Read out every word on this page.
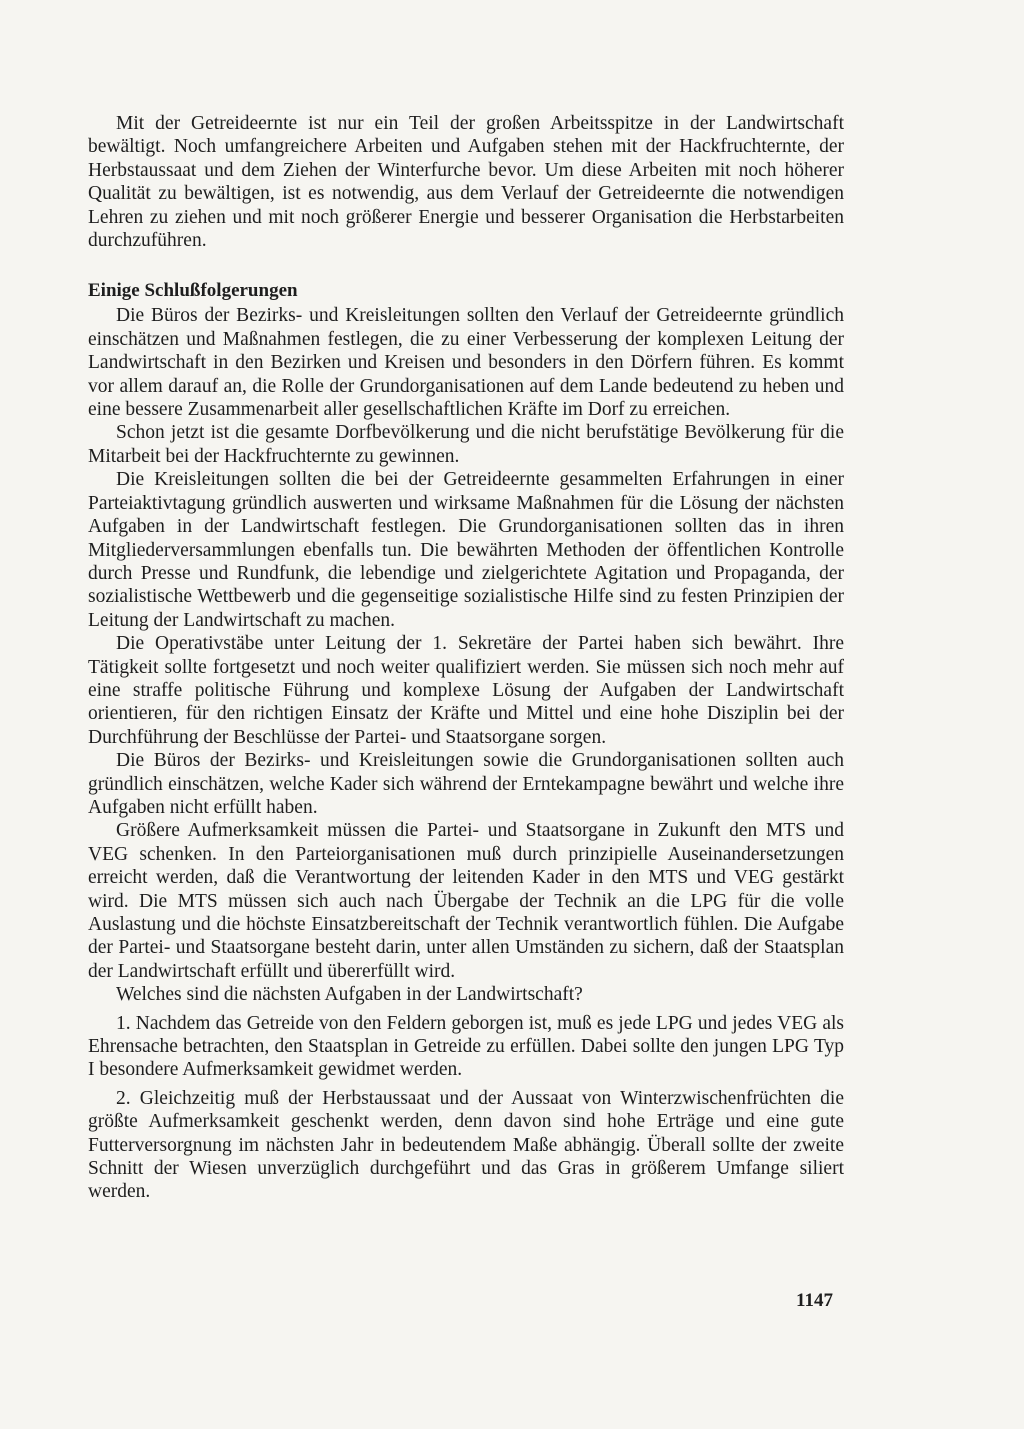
Mit der Getreideernte ist nur ein Teil der großen Arbeitsspitze in der Landwirtschaft bewältigt. Noch umfangreichere Arbeiten und Aufgaben stehen mit der Hackfruchternte, der Herbstaussaat und dem Ziehen der Winterfurche bevor. Um diese Arbeiten mit noch höherer Qualität zu bewältigen, ist es notwendig, aus dem Verlauf der Getreideernte die notwendigen Lehren zu ziehen und mit noch größerer Energie und besserer Organisation die Herbstarbeiten durchzuführen.

Einige Schlußfolgerungen

Die Büros der Bezirks- und Kreisleitungen sollten den Verlauf der Getreideernte gründlich einschätzen und Maßnahmen festlegen, die zu einer Verbesserung der komplexen Leitung der Landwirtschaft in den Bezirken und Kreisen und besonders in den Dörfern führen. Es kommt vor allem darauf an, die Rolle der Grundorganisationen auf dem Lande bedeutend zu heben und eine bessere Zusammenarbeit aller gesellschaftlichen Kräfte im Dorf zu erreichen.

Schon jetzt ist die gesamte Dorfbevölkerung und die nicht berufstätige Bevölkerung für die Mitarbeit bei der Hackfruchternte zu gewinnen.

Die Kreisleitungen sollten die bei der Getreideernte gesammelten Erfahrungen in einer Parteiaktivtagung gründlich auswerten und wirksame Maßnahmen für die Lösung der nächsten Aufgaben in der Landwirtschaft festlegen. Die Grundorganisationen sollten das in ihren Mitgliederversammlungen ebenfalls tun. Die bewährten Methoden der öffentlichen Kontrolle durch Presse und Rundfunk, die lebendige und zielgerichtete Agitation und Propaganda, der sozialistische Wettbewerb und die gegenseitige sozialistische Hilfe sind zu festen Prinzipien der Leitung der Landwirtschaft zu machen.

Die Operativstäbe unter Leitung der 1. Sekretäre der Partei haben sich bewährt. Ihre Tätigkeit sollte fortgesetzt und noch weiter qualifiziert werden. Sie müssen sich noch mehr auf eine straffe politische Führung und komplexe Lösung der Aufgaben der Landwirtschaft orientieren, für den richtigen Einsatz der Kräfte und Mittel und eine hohe Disziplin bei der Durchführung der Beschlüsse der Partei- und Staatsorgane sorgen.

Die Büros der Bezirks- und Kreisleitungen sowie die Grundorganisationen sollten auch gründlich einschätzen, welche Kader sich während der Erntekampagne bewährt und welche ihre Aufgaben nicht erfüllt haben.

Größere Aufmerksamkeit müssen die Partei- und Staatsorgane in Zukunft den MTS und VEG schenken. In den Parteiorganisationen muß durch prinzipielle Auseinandersetzungen erreicht werden, daß die Verantwortung der leitenden Kader in den MTS und VEG gestärkt wird. Die MTS müssen sich auch nach Übergabe der Technik an die LPG für die volle Auslastung und die höchste Einsatzbereitschaft der Technik verantwortlich fühlen. Die Aufgabe der Partei- und Staatsorgane besteht darin, unter allen Umständen zu sichern, daß der Staatsplan der Landwirtschaft erfüllt und übererfüllt wird.

Welches sind die nächsten Aufgaben in der Landwirtschaft?

1. Nachdem das Getreide von den Feldern geborgen ist, muß es jede LPG und jedes VEG als Ehrensache betrachten, den Staatsplan in Getreide zu erfüllen. Dabei sollte den jungen LPG Typ I besondere Aufmerksamkeit gewidmet werden.

2. Gleichzeitig muß der Herbstaussaat und der Aussaat von Winterzwischenfrüchten die größte Aufmerksamkeit geschenkt werden, denn davon sind hohe Erträge und eine gute Futterversorgnung im nächsten Jahr in bedeutendem Maße abhängig. Überall sollte der zweite Schnitt der Wiesen unverzüglich durchgeführt und das Gras in größerem Umfange siliert werden.

1147
